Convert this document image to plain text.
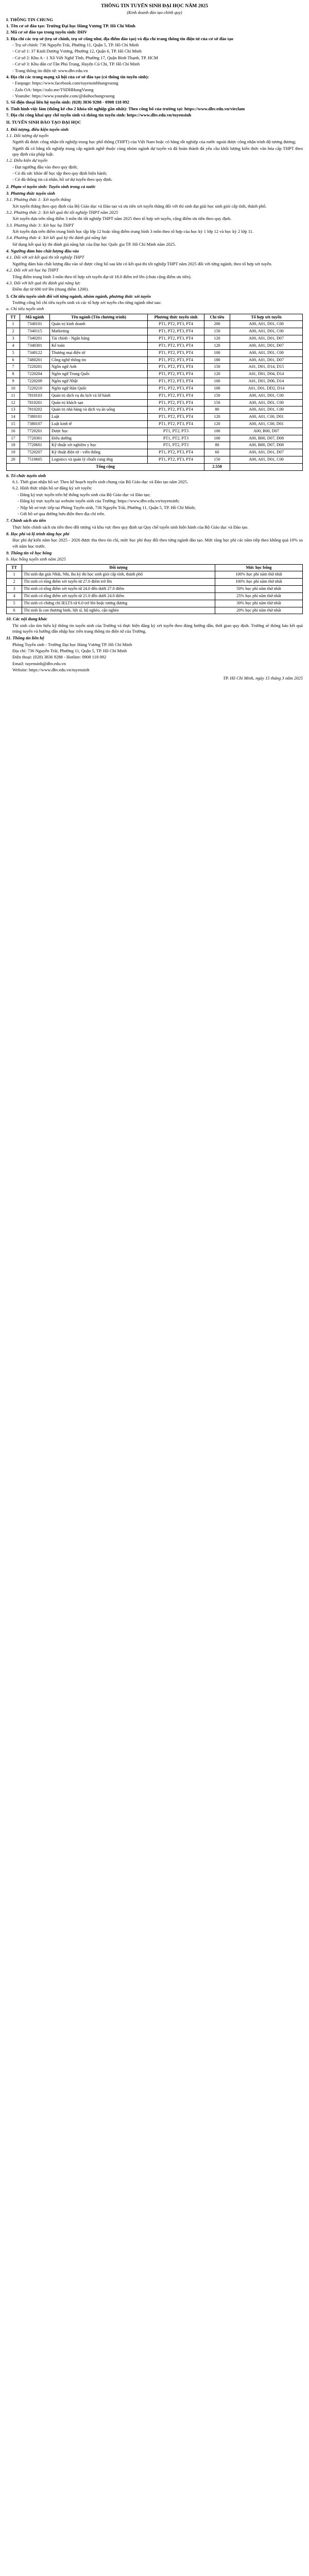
THÔNG TIN TUYỂN SINH ĐẠI HỌC NĂM 2025
(Kinh doanh đào tạo chính quy)
I. THÔNG TIN CHUNG

1. Tên cơ sở đào tạo: Trường Đại học Hùng Vương TP. Hồ Chí Minh

2. Mã cơ sở đào tạo trong tuyển sinh: DHV

3. Địa chỉ các trụ sở (trụ sở chính, trụ sở cũng như, địa điểm đào tạo) và địa chỉ trang thông tin điện tử của cơ sở đào tạo

- Trụ sở chính: 736 Nguyễn Trãi, Phường 11, Quận 5, TP. Hồ Chí Minh

- Cơ sở 1: 37 Kinh Dương Vương, Phường 12, Quận 6, TP. Hồ Chí Minh

- Cơ sở 2: Khu A - 1 Xô Viết Nghệ Tĩnh, Phường 17, Quận Bình Thạnh, TP. HCM

- Cơ sở 3: Khu dân cư Tân Phú Trung, Huyện Củ Chi, TP. Hồ Chí Minh

- Trang thông tin điện tử: www.dhv.edu.vn

4. Địa chỉ các trang mạng xã hội của cơ sở đào tạo (có thông tin tuyển sinh):

- Fanpage: https://www.facebook.com/tuyensinhhungvuong

- Zalo OA: https://zalo.me/TSDHHungVuong

- Youtube: https://www.youtube.com/@daihochungvuong

5. Số điện thoại liên hệ tuyển sinh: (028) 3836 9288 - 0908 118 092

6. Tình hình việc làm (thống kê cho 2 khóa tốt nghiệp gần nhất): Theo công bố của trường tại: https://www.dhv.edu.vn/vieclam

7. Địa chỉ công khai quy chế tuyển sinh và thông tin tuyển sinh: https://www.dhv.edu.vn/tuyensinh

II. TUYỂN SINH ĐÀO TẠO ĐẠI HỌC
1. Đối tượng, điều kiện tuyển sinh
1.1. Đối tượng dự tuyển

Người đã được công nhận tốt nghiệp trung học phổ thông (THPT) của Việt Nam hoặc có bằng tốt nghiệp của nước ngoài được công nhận trình độ tương đương;

Người đã có bằng tốt nghiệp trung cấp ngành nghề thuộc cùng nhóm ngành dự tuyển và đã hoàn thành đủ yêu cầu khối lượng kiến thức văn hóa cấp THPT theo quy định của pháp luật.

1.2. Điều kiện dự tuyển

- Đạt ngưỡng đầu vào theo quy định;

- Có đủ sức khỏe để học tập theo quy định hiện hành;

- Có đủ thông tin cá nhân, hồ sơ dự tuyển theo quy định.

2. Phạm vi tuyển sinh: Tuyển sinh trong cả nước
3. Phương thức tuyển sinh
3.1. Phương thức 1: Xét tuyển thẳng

Xét tuyển thẳng theo quy định của Bộ Giáo dục và Đào tạo và ưu tiên xét tuyển thẳng đối với thí sinh đạt giải học sinh giỏi cấp tỉnh, thành phố.

3.2. Phương thức 2: Xét kết quả thi tốt nghiệp THPT năm 2025

Xét tuyển dựa trên tổng điểm 3 môn thi tốt nghiệp THPT năm 2025 theo tổ hợp xét tuyển, cộng điểm ưu tiên theo quy định.

3.3. Phương thức 3: Xét học bạ THPT

Xét tuyển dựa trên điểm trung bình học tập lớp 12 hoặc tổng điểm trung bình 3 môn theo tổ hợp của học kỳ 1 lớp 12 và học kỳ 2 lớp 11.

3.4. Phương thức 4: Xét kết quả kỳ thi đánh giá năng lực

Sử dụng kết quả kỳ thi đánh giá năng lực của Đại học Quốc gia TP. Hồ Chí Minh năm 2025.

4. Ngưỡng đảm bảo chất lượng đầu vào
4.1. Đối với xét kết quả thi tốt nghiệp THPT

Ngưỡng đảm bảo chất lượng đầu vào sẽ được công bố sau khi có kết quả thi tốt nghiệp THPT năm 2025 đối với từng ngành, theo tổ hợp xét tuyển.

4.2. Đối với xét học bạ THPT

Tổng điểm trung bình 3 môn theo tổ hợp xét tuyển đạt từ 18.0 điểm trở lên (chưa cộng điểm ưu tiên).

4.3. Đối với kết quả thi đánh giá năng lực

Điểm đạt từ 600 trở lên (thang điểm 1200).

5. Chỉ tiêu tuyển sinh đối với từng ngành, nhóm ngành, phương thức xét tuyển

Trường công bố chỉ tiêu tuyển sinh và các tổ hợp xét tuyển cho từng ngành như sau:

a. Chỉ tiêu tuyển sinh
TT	Mã ngành	Tên ngành (Tên chương trình)	Phương thức tuyển sinh	Chỉ tiêu	Tổ hợp xét tuyển
1	7340101	Quản trị kinh doanh	PT1, PT2, PT3, PT4	200	A00, A01, D01, C00
2	7340115	Marketing	PT1, PT2, PT3, PT4	150	A00, A01, D01, C00
3	7340201	Tài chính - Ngân hàng	PT1, PT2, PT3, PT4	120	A00, A01, D01, D07
4	7340301	Kế toán	PT1, PT2, PT3, PT4	120	A00, A01, D01, D07
5	7340122	Thương mại điện tử	PT1, PT2, PT3, PT4	100	A00, A01, D01, C00
6	7480201	Công nghệ thông tin	PT1, PT2, PT3, PT4	180	A00, A01, D01, D07
7	7220201	Ngôn ngữ Anh	PT1, PT2, PT3, PT4	150	A01, D01, D14, D15
8	7220204	Ngôn ngữ Trung Quốc	PT1, PT2, PT3, PT4	120	A01, D01, D04, D14
9	7220209	Ngôn ngữ Nhật	PT1, PT2, PT3, PT4	100	A01, D01, D06, D14
10	7220210	Ngôn ngữ Hàn Quốc	PT1, PT2, PT3, PT4	100	A01, D01, DD2, D14
11	7810103	Quản trị dịch vụ du lịch và lữ hành	PT1, PT2, PT3, PT4	150	A00, A01, D01, C00
12	7810201	Quản trị khách sạn	PT1, PT2, PT3, PT4	150	A00, A01, D01, C00
13	7810202	Quản trị nhà hàng và dịch vụ ăn uống	PT1, PT2, PT3, PT4	80	A00, A01, D01, C00
14	7380101	Luật	PT1, PT2, PT3, PT4	120	A00, A01, C00, D01
15	7380107	Luật kinh tế	PT1, PT2, PT3, PT4	120	A00, A01, C00, D01
16	7720201	Dược học	PT1, PT2, PT3	100	A00, B00, D07
17	7720301	Điều dưỡng	PT1, PT2, PT3	100	A00, B00, D07, D08
18	7720601	Kỹ thuật xét nghiệm y học	PT1, PT2, PT3	80	A00, B00, D07, D08
19	7520207	Kỹ thuật điện tử - viễn thông	PT1, PT2, PT3, PT4	60	A00, A01, D01, D07
20	7510605	Logistics và quản lý chuỗi cung ứng	PT1, PT2, PT3, PT4	150	A00, A01, D01, C00
Tổng cộng				2.550	
6. Tổ chức tuyển sinh

6.1. Thời gian nhận hồ sơ: Theo kế hoạch tuyển sinh chung của Bộ Giáo dục và Đào tạo năm 2025.

6.2. Hình thức nhận hồ sơ đăng ký xét tuyển:

- Đăng ký trực tuyến trên hệ thống tuyển sinh của Bộ Giáo dục và Đào tạo;

- Đăng ký trực tuyến tại website tuyển sinh của Trường: https://www.dhv.edu.vn/tuyensinh;

- Nộp hồ sơ trực tiếp tại Phòng Tuyển sinh, 736 Nguyễn Trãi, Phường 11, Quận 5, TP. Hồ Chí Minh;

- Gửi hồ sơ qua đường bưu điện theo địa chỉ trên.

7. Chính sách ưu tiên

Thực hiện chính sách ưu tiên theo đối tượng và khu vực theo quy định tại Quy chế tuyển sinh hiện hành của Bộ Giáo dục và Đào tạo.

8. Học phí và lộ trình tăng học phí

Học phí dự kiến năm học 2025 - 2026 được thu theo tín chỉ, mức học phí thay đổi theo từng ngành đào tạo. Mức tăng học phí các năm tiếp theo không quá 10% so với năm học trước.

9. Thông tin về học bổng
b. Học bổng tuyển sinh năm 2025
TT	Đối tượng	Mức học bổng
1	Thí sinh đạt giải Nhất, Nhì, Ba kỳ thi học sinh giỏi cấp tỉnh, thành phố	100% học phí năm thứ nhất
2	Thí sinh có tổng điểm xét tuyển từ 27.0 điểm trở lên	100% học phí năm thứ nhất
3	Thí sinh có tổng điểm xét tuyển từ 24.0 đến dưới 27.0 điểm	50% học phí năm thứ nhất
4	Thí sinh có tổng điểm xét tuyển từ 21.0 đến dưới 24.0 điểm	25% học phí năm thứ nhất
5	Thí sinh có chứng chỉ IELTS từ 6.0 trở lên hoặc tương đương	30% học phí năm thứ nhất
6	Thí sinh là con thương binh, liệt sĩ, hộ nghèo, cận nghèo	20% học phí năm thứ nhất
10. Các nội dung khác

Thí sinh cần tìm hiểu kỹ thông tin tuyển sinh của Trường và thực hiện đăng ký xét tuyển theo đúng hướng dẫn, thời gian quy định. Trường sẽ thông báo kết quả trúng tuyển và hướng dẫn nhập học trên trang thông tin điện tử của Trường.

11. Thông tin liên hệ

Phòng Tuyển sinh - Trường Đại học Hùng Vương TP. Hồ Chí Minh

Địa chỉ: 736 Nguyễn Trãi, Phường 11, Quận 5, TP. Hồ Chí Minh

Điện thoại: (028) 3836 9288 - Hotline: 0908 118 092

Email: tuyensinh@dhv.edu.vn

Website: https://www.dhv.edu.vn/tuyensinh

TP. Hồ Chí Minh, ngày 15 tháng 3 năm 2025
